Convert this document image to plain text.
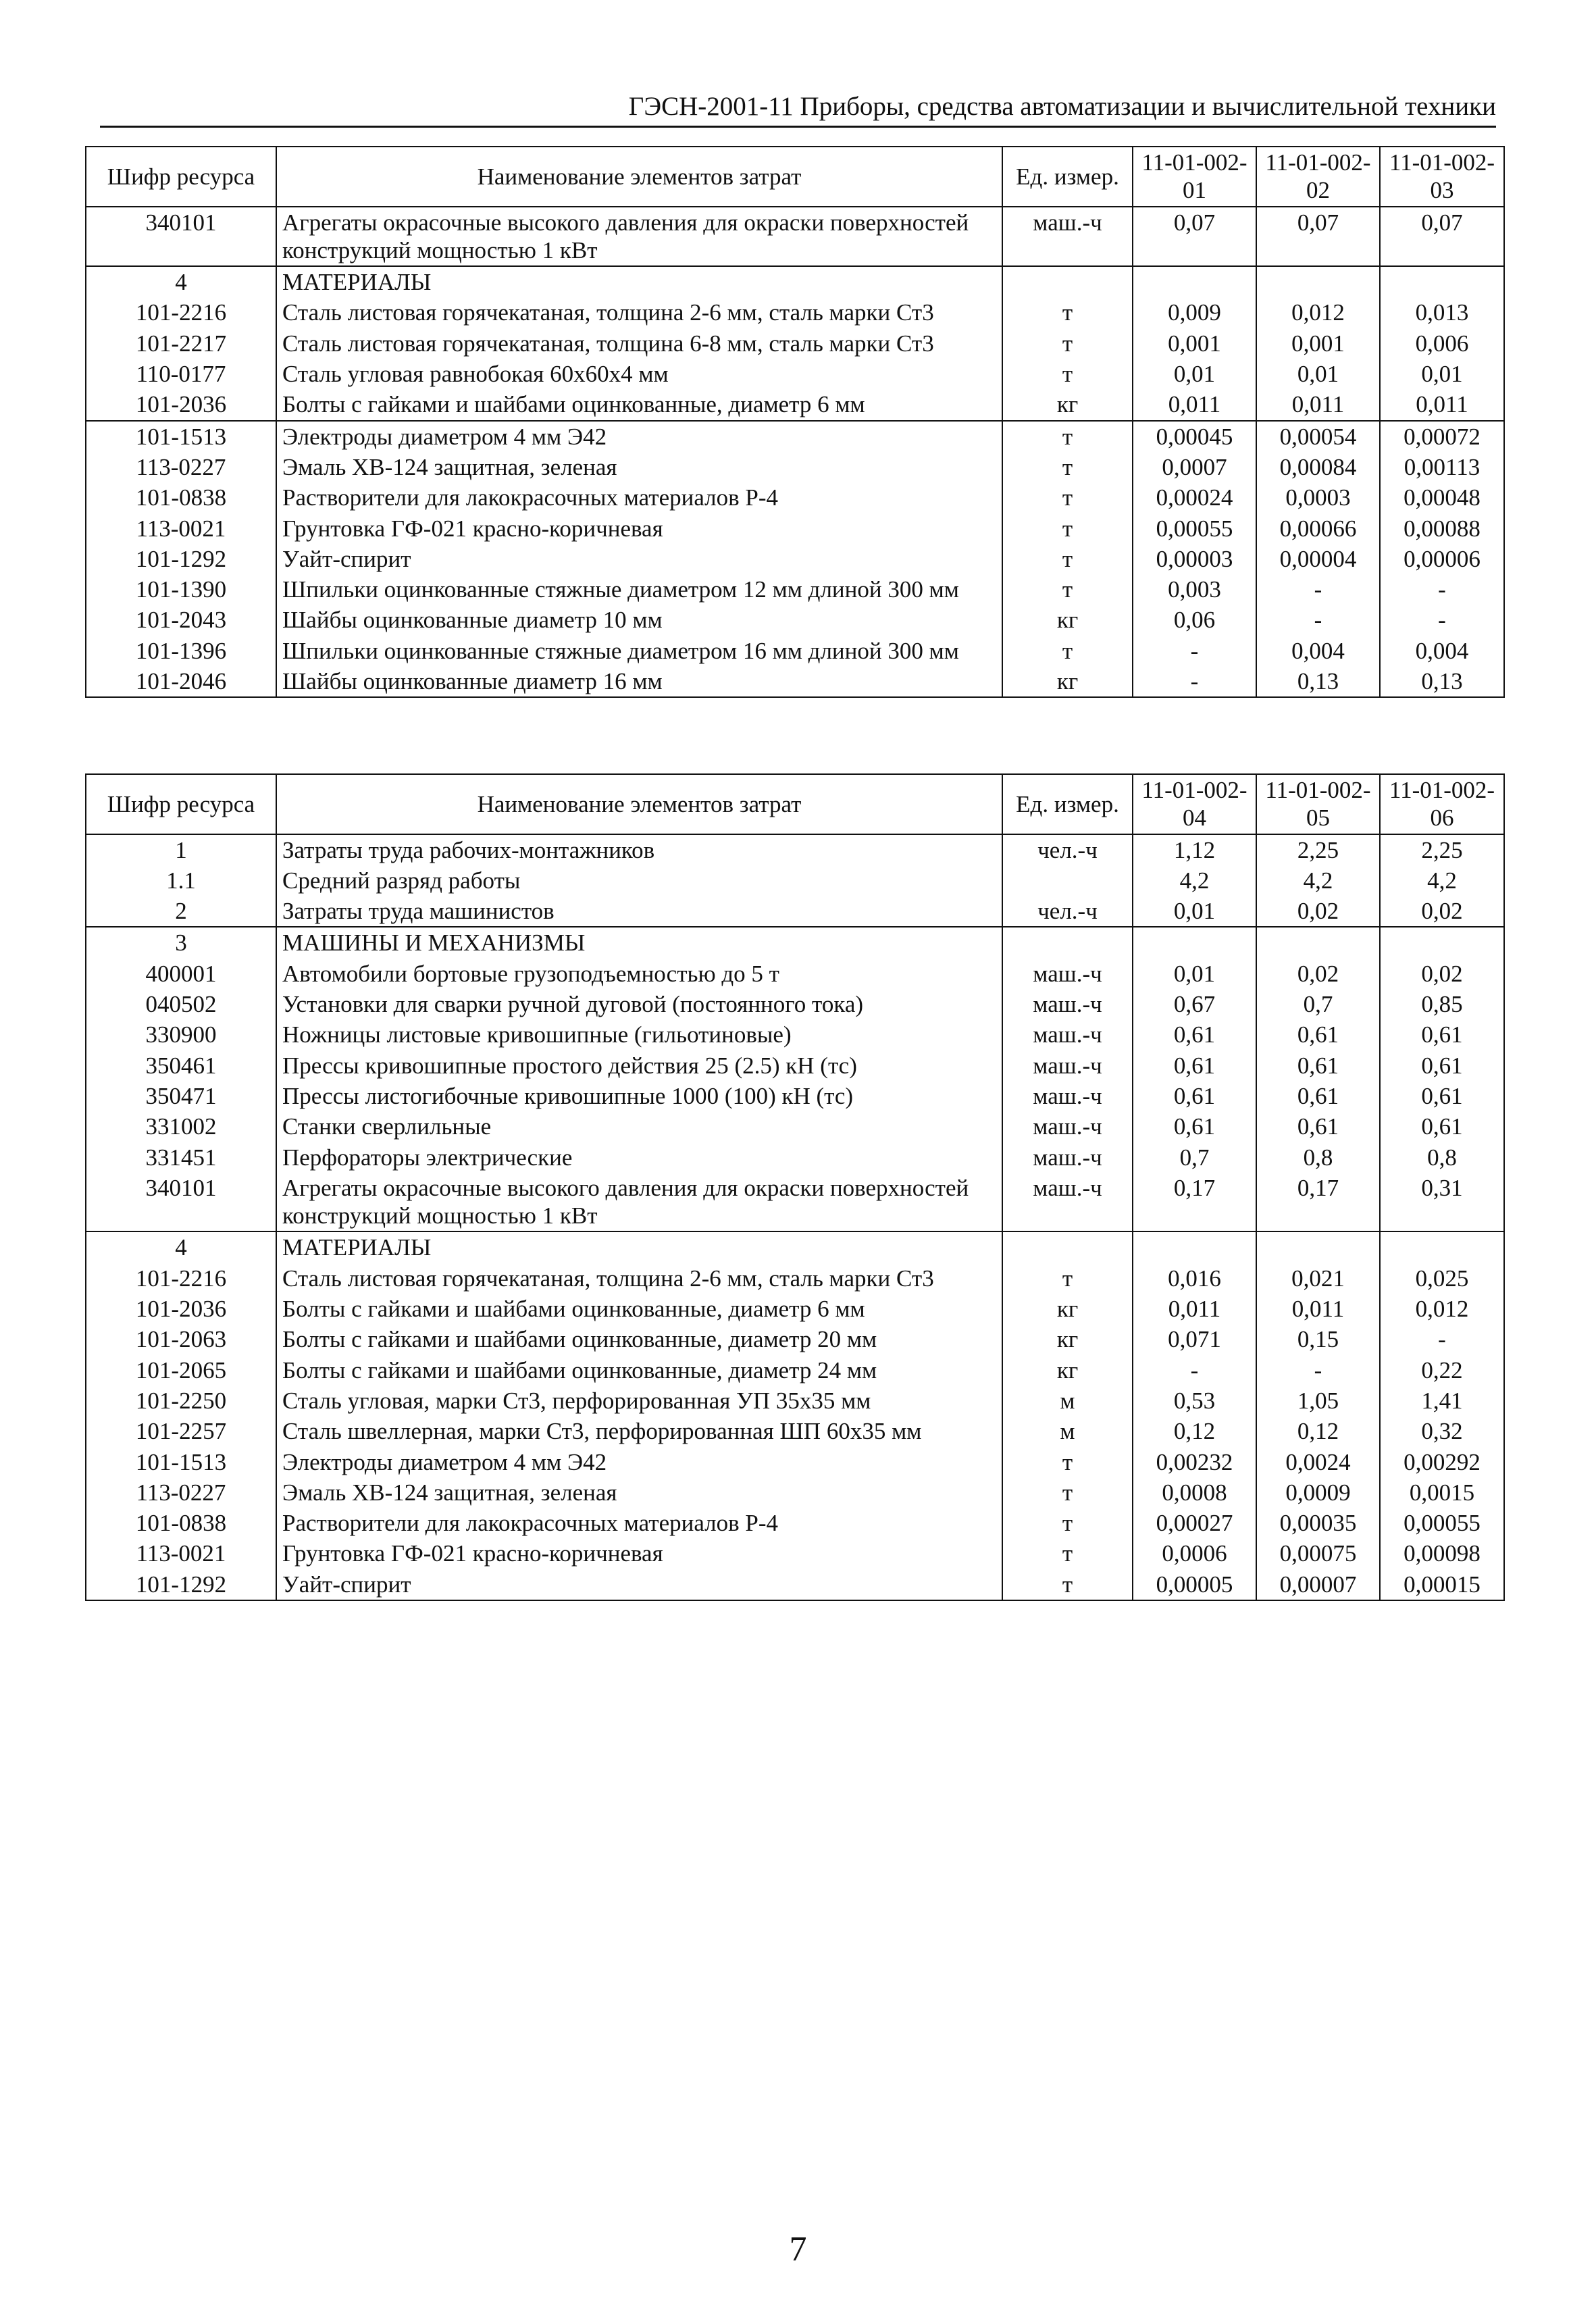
ГЭСН-2001-11 Приборы, средства автоматизации и вычислительной техники
Шифр ресурса	Наименование элементов затрат	Ед. измер.	11-01-002-01	11-01-002-02	11-01-002-03
340101	Агрегаты окрасочные высокого давления для окраски поверхностей конструкций мощностью 1 кВт	маш.-ч	0,07	0,07	0,07
4	МАТЕРИАЛЫ				
101-2216	Сталь листовая горячекатаная, толщина 2-6 мм, сталь марки Ст3	т	0,009	0,012	0,013
101-2217	Сталь листовая горячекатаная, толщина 6-8 мм, сталь марки Ст3	т	0,001	0,001	0,006
110-0177	Сталь угловая равнобокая 60x60x4 мм	т	0,01	0,01	0,01
101-2036	Болты с гайками и шайбами оцинкованные, диаметр 6 мм	кг	0,011	0,011	0,011
101-1513	Электроды диаметром 4 мм Э42	т	0,00045	0,00054	0,00072
113-0227	Эмаль ХВ-124 защитная, зеленая	т	0,0007	0,00084	0,00113
101-0838	Растворители для лакокрасочных материалов Р-4	т	0,00024	0,0003	0,00048
113-0021	Грунтовка ГФ-021 красно-коричневая	т	0,00055	0,00066	0,00088
101-1292	Уайт-спирит	т	0,00003	0,00004	0,00006
101-1390	Шпильки оцинкованные стяжные диаметром 12 мм длиной 300 мм	т	0,003	-	-
101-2043	Шайбы оцинкованные диаметр 10 мм	кг	0,06	-	-
101-1396	Шпильки оцинкованные стяжные диаметром 16 мм длиной 300 мм	т	-	0,004	0,004
101-2046	Шайбы оцинкованные диаметр 16 мм	кг	-	0,13	0,13
Шифр ресурса	Наименование элементов затрат	Ед. измер.	11-01-002-04	11-01-002-05	11-01-002-06
1	Затраты труда рабочих-монтажников	чел.-ч	1,12	2,25	2,25
1.1	Средний разряд работы		4,2	4,2	4,2
2	Затраты труда машинистов	чел.-ч	0,01	0,02	0,02
3	МАШИНЫ И МЕХАНИЗМЫ				
400001	Автомобили бортовые грузоподъемностью до 5 т	маш.-ч	0,01	0,02	0,02
040502	Установки для сварки ручной дуговой (постоянного тока)	маш.-ч	0,67	0,7	0,85
330900	Ножницы листовые кривошипные (гильотиновые)	маш.-ч	0,61	0,61	0,61
350461	Прессы кривошипные простого действия 25 (2.5) кН (тс)	маш.-ч	0,61	0,61	0,61
350471	Прессы листогибочные кривошипные 1000 (100) кН (тс)	маш.-ч	0,61	0,61	0,61
331002	Станки сверлильные	маш.-ч	0,61	0,61	0,61
331451	Перфораторы электрические	маш.-ч	0,7	0,8	0,8
340101	Агрегаты окрасочные высокого давления для окраски поверхностей конструкций мощностью 1 кВт	маш.-ч	0,17	0,17	0,31
4	МАТЕРИАЛЫ				
101-2216	Сталь листовая горячекатаная, толщина 2-6 мм, сталь марки Ст3	т	0,016	0,021	0,025
101-2036	Болты с гайками и шайбами оцинкованные, диаметр 6 мм	кг	0,011	0,011	0,012
101-2063	Болты с гайками и шайбами оцинкованные, диаметр 20 мм	кг	0,071	0,15	-
101-2065	Болты с гайками и шайбами оцинкованные, диаметр 24 мм	кг	-	-	0,22
101-2250	Сталь угловая, марки Ст3, перфорированная УП 35x35 мм	м	0,53	1,05	1,41
101-2257	Сталь швеллерная, марки Ст3, перфорированная ШП 60x35 мм	м	0,12	0,12	0,32
101-1513	Электроды диаметром 4 мм Э42	т	0,00232	0,0024	0,00292
113-0227	Эмаль ХВ-124 защитная, зеленая	т	0,0008	0,0009	0,0015
101-0838	Растворители для лакокрасочных материалов Р-4	т	0,00027	0,00035	0,00055
113-0021	Грунтовка ГФ-021 красно-коричневая	т	0,0006	0,00075	0,00098
101-1292	Уайт-спирит	т	0,00005	0,00007	0,00015
7
